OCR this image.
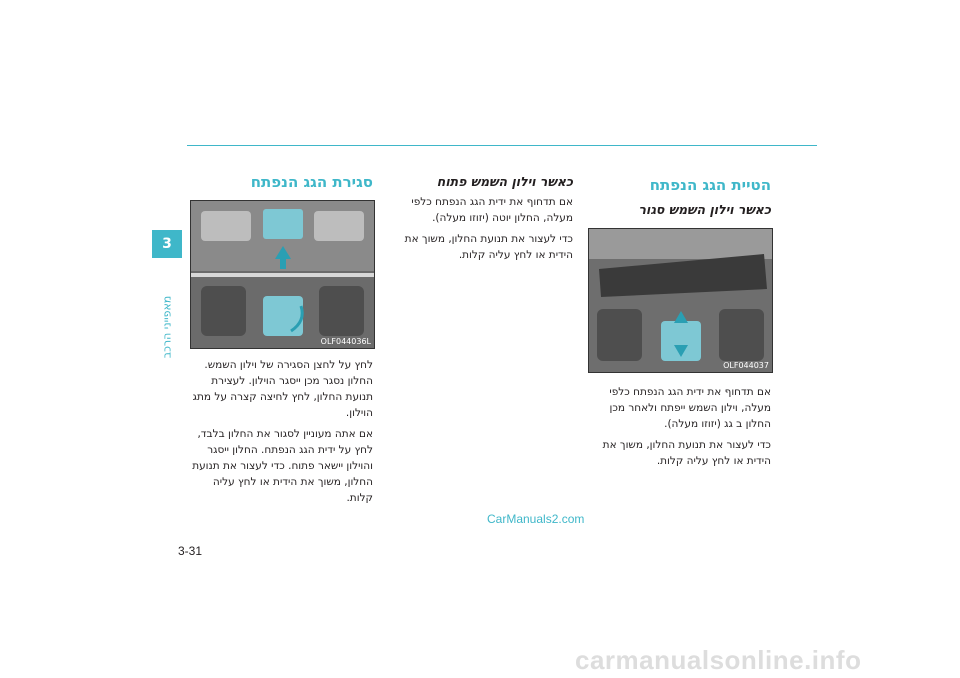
3
מאפייני הרכב
סגירת הגג הנפתח
OLF044036L

לחץ על לחצן הסגירה של וילון השמש. החלון נסגר מכן ייסגר הוילון. לעצירת תנועת החלון, לחץ לחיצה קצרה על מתג הוילון.

אם אתה מעוניין לסגור את החלון בלבד, לחץ על ידית הגג הנפתח. החלון ייסגר והוילון יישאר פתוח. כדי לעצור את תנועת החלון, משוך את הידית או לחץ עליה קלות.

כאשר וילון השמש פתוח

אם תדחוף את ידית הגג הנפתח כלפי מעלה, החלון יוטה (יזוזו מעלה).

כדי לעצור את תנועת החלון, משוך את הידית או לחץ עליה קלות.

הטיית הגג הנפתח
כאשר וילון השמש סגור
OLF044037

אם תדחוף את ידית הגג הנפתח כלפי מעלה, וילון השמש ייפתח ולאחר מכן החלון ב גג (יזוזו מעלה).

כדי לעצור את תנועת החלון, משוך את הידית או לחץ עליה קלות.

CarManuals2.com
3-31
carmanualsonline.info
